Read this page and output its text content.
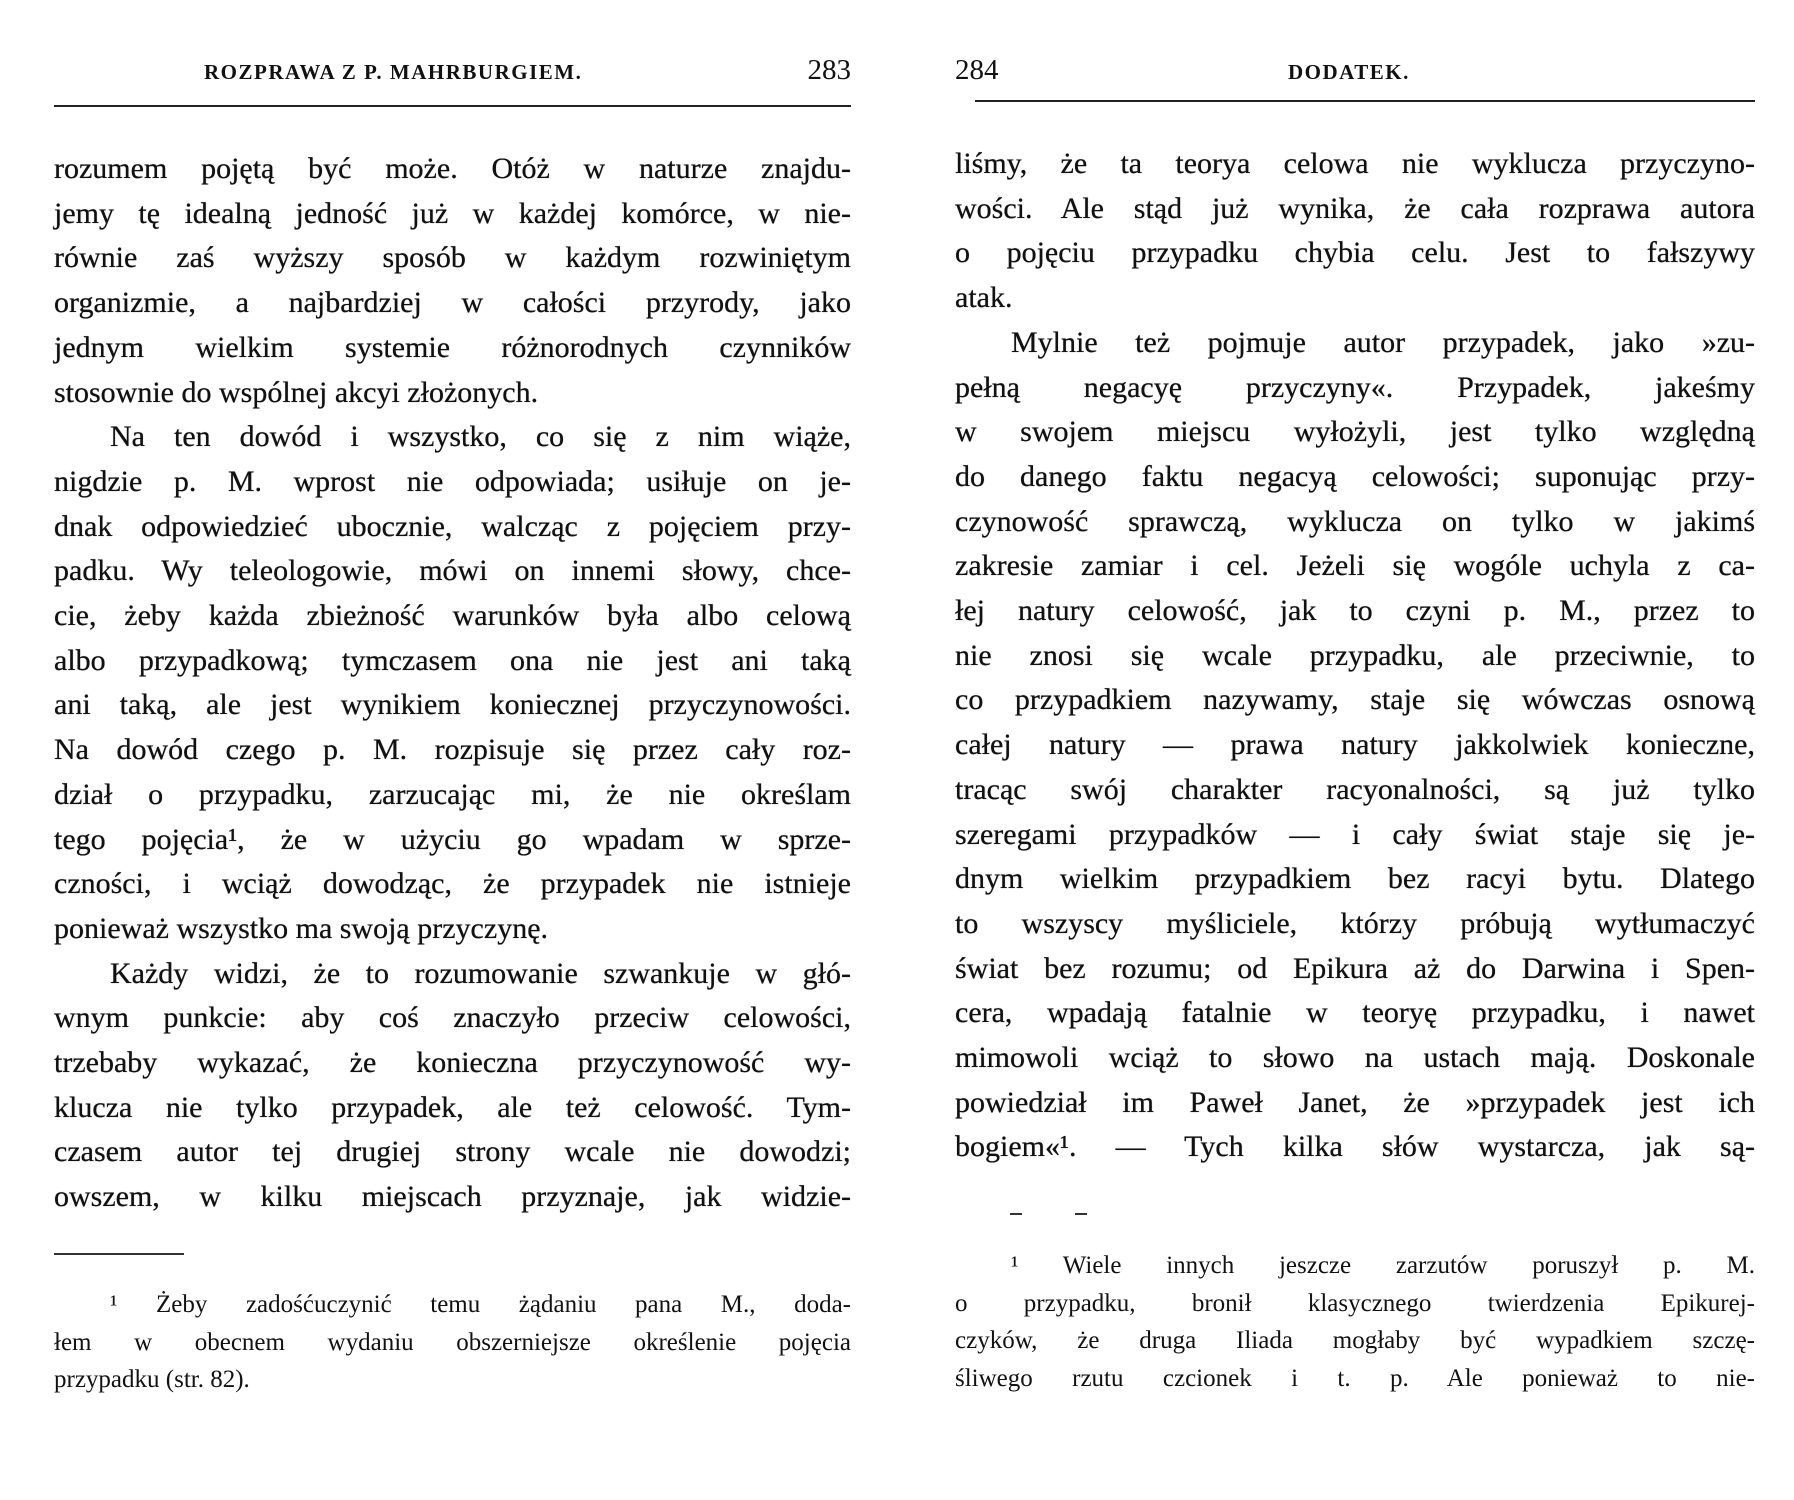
ROZPRAWA Z P. MAHRBURGIEM.	283
rozumem pojętą być może. Otóż w naturze znajdu-
jemy tę idealną jedność już w każdej komórce, w nie-
równie zaś wyższy sposób w każdym rozwiniętym
organizmie, a najbardziej w całości przyrody, jako
jednym wielkim systemie różnorodnych czynników
stosownie do wspólnej akcyi złożonych.
Na ten dowód i wszystko, co się z nim wiąże,
nigdzie p. M. wprost nie odpowiada; usiłuje on je-
dnak odpowiedzieć ubocznie, walcząc z pojęciem przy-
padku. Wy teleologowie, mówi on innemi słowy, chce-
cie, żeby każda zbieżność warunków była albo celową
albo przypadkową; tymczasem ona nie jest ani taką
ani taką, ale jest wynikiem koniecznej przyczynowości.
Na dowód czego p. M. rozpisuje się przez cały roz-
dział o przypadku, zarzucając mi, że nie określam
tego pojęcia¹, że w użyciu go wpadam w sprze-
czności, i wciąż dowodząc, że przypadek nie istnieje
ponieważ wszystko ma swoją przyczynę.
Każdy widzi, że to rozumowanie szwankuje w głó-
wnym punkcie: aby coś znaczyło przeciw celowości,
trzebaby wykazać, że konieczna przyczynowość wy-
klucza nie tylko przypadek, ale też celowość. Tym-
czasem autor tej drugiej strony wcale nie dowodzi;
owszem, w kilku miejscach przyznaje, jak widzie-
¹ Żeby zadośćuczynić temu żądaniu pana M., doda-
łem w obecnem wydaniu obszerniejsze określenie pojęcia
przypadku (str. 82).
284	DODATEK.
liśmy, że ta teorya celowa nie wyklucza przyczyno-
wości. Ale stąd już wynika, że cała rozprawa autora
o pojęciu przypadku chybia celu. Jest to fałszywy
atak.
Mylnie też pojmuje autor przypadek, jako »zu-
pełną negacyę przyczyny«. Przypadek, jakeśmy
w swojem miejscu wyłożyli, jest tylko względną
do danego faktu negacyą celowości; suponując przy-
czynowość sprawczą, wyklucza on tylko w jakimś
zakresie zamiar i cel. Jeżeli się wogóle uchyla z ca-
łej natury celowość, jak to czyni p. M., przez to
nie znosi się wcale przypadku, ale przeciwnie, to
co przypadkiem nazywamy, staje się wówczas osnową
całej natury — prawa natury jakkolwiek konieczne,
tracąc swój charakter racyonalności, są już tylko
szeregami przypadków — i cały świat staje się je-
dnym wielkim przypadkiem bez racyi bytu. Dlatego
to wszyscy myśliciele, którzy próbują wytłumaczyć
świat bez rozumu; od Epikura aż do Darwina i Spen-
cera, wpadają fatalnie w teoryę przypadku, i nawet
mimowoli wciąż to słowo na ustach mają. Doskonale
powiedział im Paweł Janet, że »przypadek jest ich
bogiem«¹. — Tych kilka słów wystarcza, jak są-
¹ Wiele innych jeszcze zarzutów poruszył p. M.
o przypadku, bronił klasycznego twierdzenia Epikurej-
czyków, że druga Iliada mogłaby być wypadkiem szczę-
śliwego rzutu czcionek i t. p. Ale ponieważ to nie-
